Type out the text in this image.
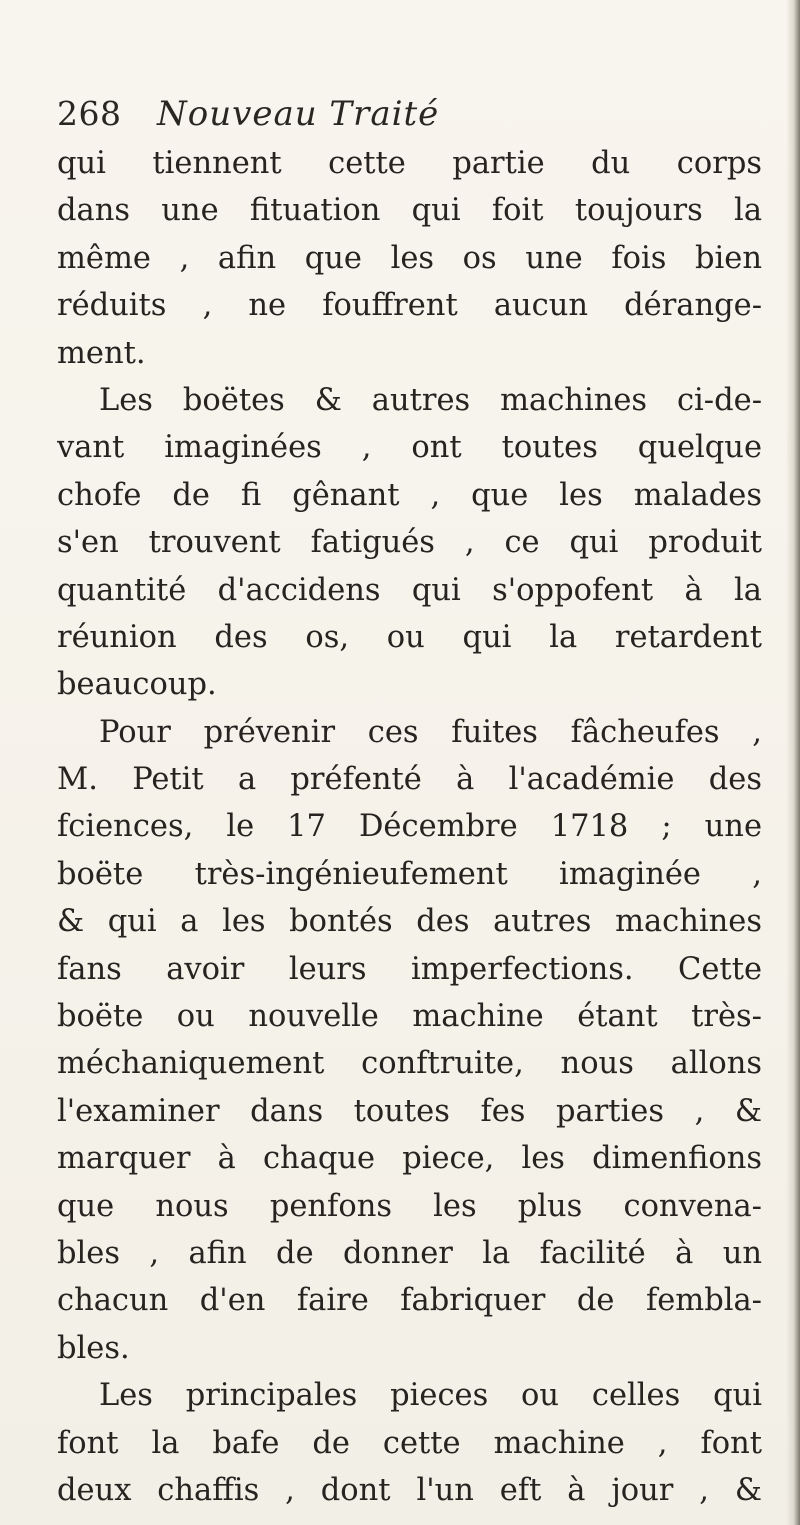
268 Nouveau Traité
qui tiennent cette partie du corps
dans une fituation qui foit toujours la
même , afin que les os une fois bien
réduits , ne fouffrent aucun dérange-
ment.
Les boëtes & autres machines ci-de-
vant imaginées , ont toutes quelque
chofe de fi gênant , que les malades
s'en trouvent fatigués , ce qui produit
quantité d'accidens qui s'oppofent à la
réunion des os, ou qui la retardent
beaucoup.
Pour prévenir ces fuites fâcheufes ,
M. Petit a préfenté à l'académie des
fciences, le 17 Décembre 1718 ; une
boëte très-ingénieufement imaginée ,
& qui a les bontés des autres machines
fans avoir leurs imperfections. Cette
boëte ou nouvelle machine étant très-
méchaniquement conftruite, nous allons
l'examiner dans toutes fes parties , &
marquer à chaque piece, les dimenfions
que nous penfons les plus convena-
bles , afin de donner la facilité à un
chacun d'en faire fabriquer de fembla-
bles.
Les principales pieces ou celles qui
font la bafe de cette machine , font
deux chaffis , dont l'un eft à jour , &
